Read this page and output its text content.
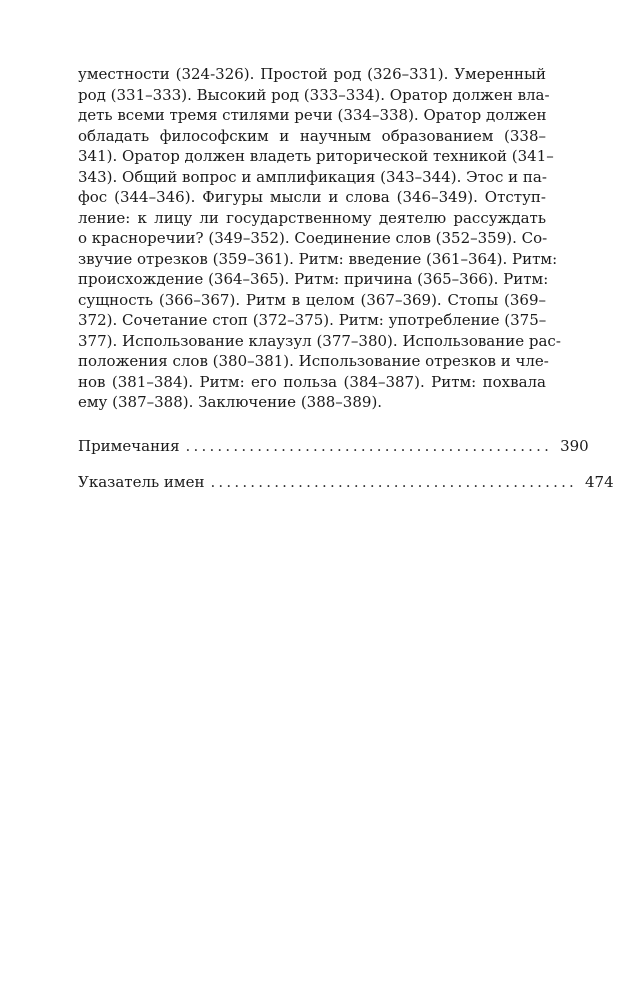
уместности (324-326). Простой род (326–331). Умеренный
род (331–333). Высокий род (333–334). Оратор должен вла-
деть всеми тремя стилями речи (334–338). Оратор должен
обладать философским и научным образованием (338–
341). Оратор должен владеть риторической техникой (341–
343). Общий вопрос и амплификация (343–344). Этос и па-
фос (344–346). Фигуры мысли и слова (346–349). Отступ-
ление: к лицу ли государственному деятелю рассуждать
о красноречии? (349–352). Соединение слов (352–359). Со-
звучие отрезков (359–361). Ритм: введение (361–364). Ритм:
происхождение (364–365). Ритм: причина (365–366). Ритм:
сущность (366–367). Ритм в целом (367–369). Стопы (369–
372). Сочетание стоп (372–375). Ритм: употребление (375–
377). Использование клаузул (377–380). Использование рас-
положения слов (380–381). Использование отрезков и чле-
нов (381–384). Ритм: его польза (384–387). Ритм: похвала
ему (387–388). Заключение (388–389).
Примечания .............................................. 390
Указатель имен .............................................. 474
